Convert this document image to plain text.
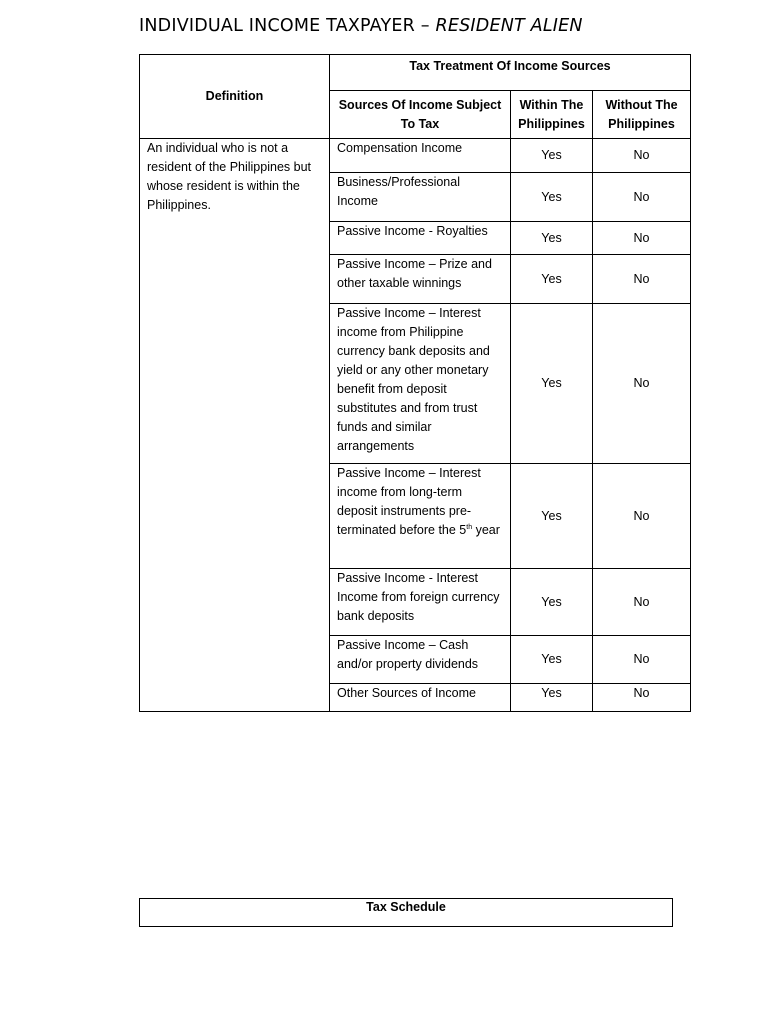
INDIVIDUAL INCOME TAXPAYER – RESIDENT ALIEN
Definition	Tax Treatment Of Income Sources		
	Sources Of Income Subject To Tax	Within The Philippines	Without The Philippines
An individual who is not a resident of the Philippines but whose resident is within the Philippines.	Compensation Income	Yes	No
	Business/Professional Income	Yes	No
	Passive Income - Royalties	Yes	No
	Passive Income – Prize and other taxable winnings	Yes	No
	Passive Income – Interest income from Philippine currency bank deposits and yield or any other monetary benefit from deposit substitutes and from trust funds and similar arrangements	Yes	No
	Passive Income – Interest income from long-term deposit instruments pre-terminated before the 5th year	Yes	No
	Passive Income - Interest Income from foreign currency bank deposits	Yes	No
	Passive Income – Cash and/or property dividends	Yes	No
	Other Sources of Income	Yes	No
Tax Schedule
